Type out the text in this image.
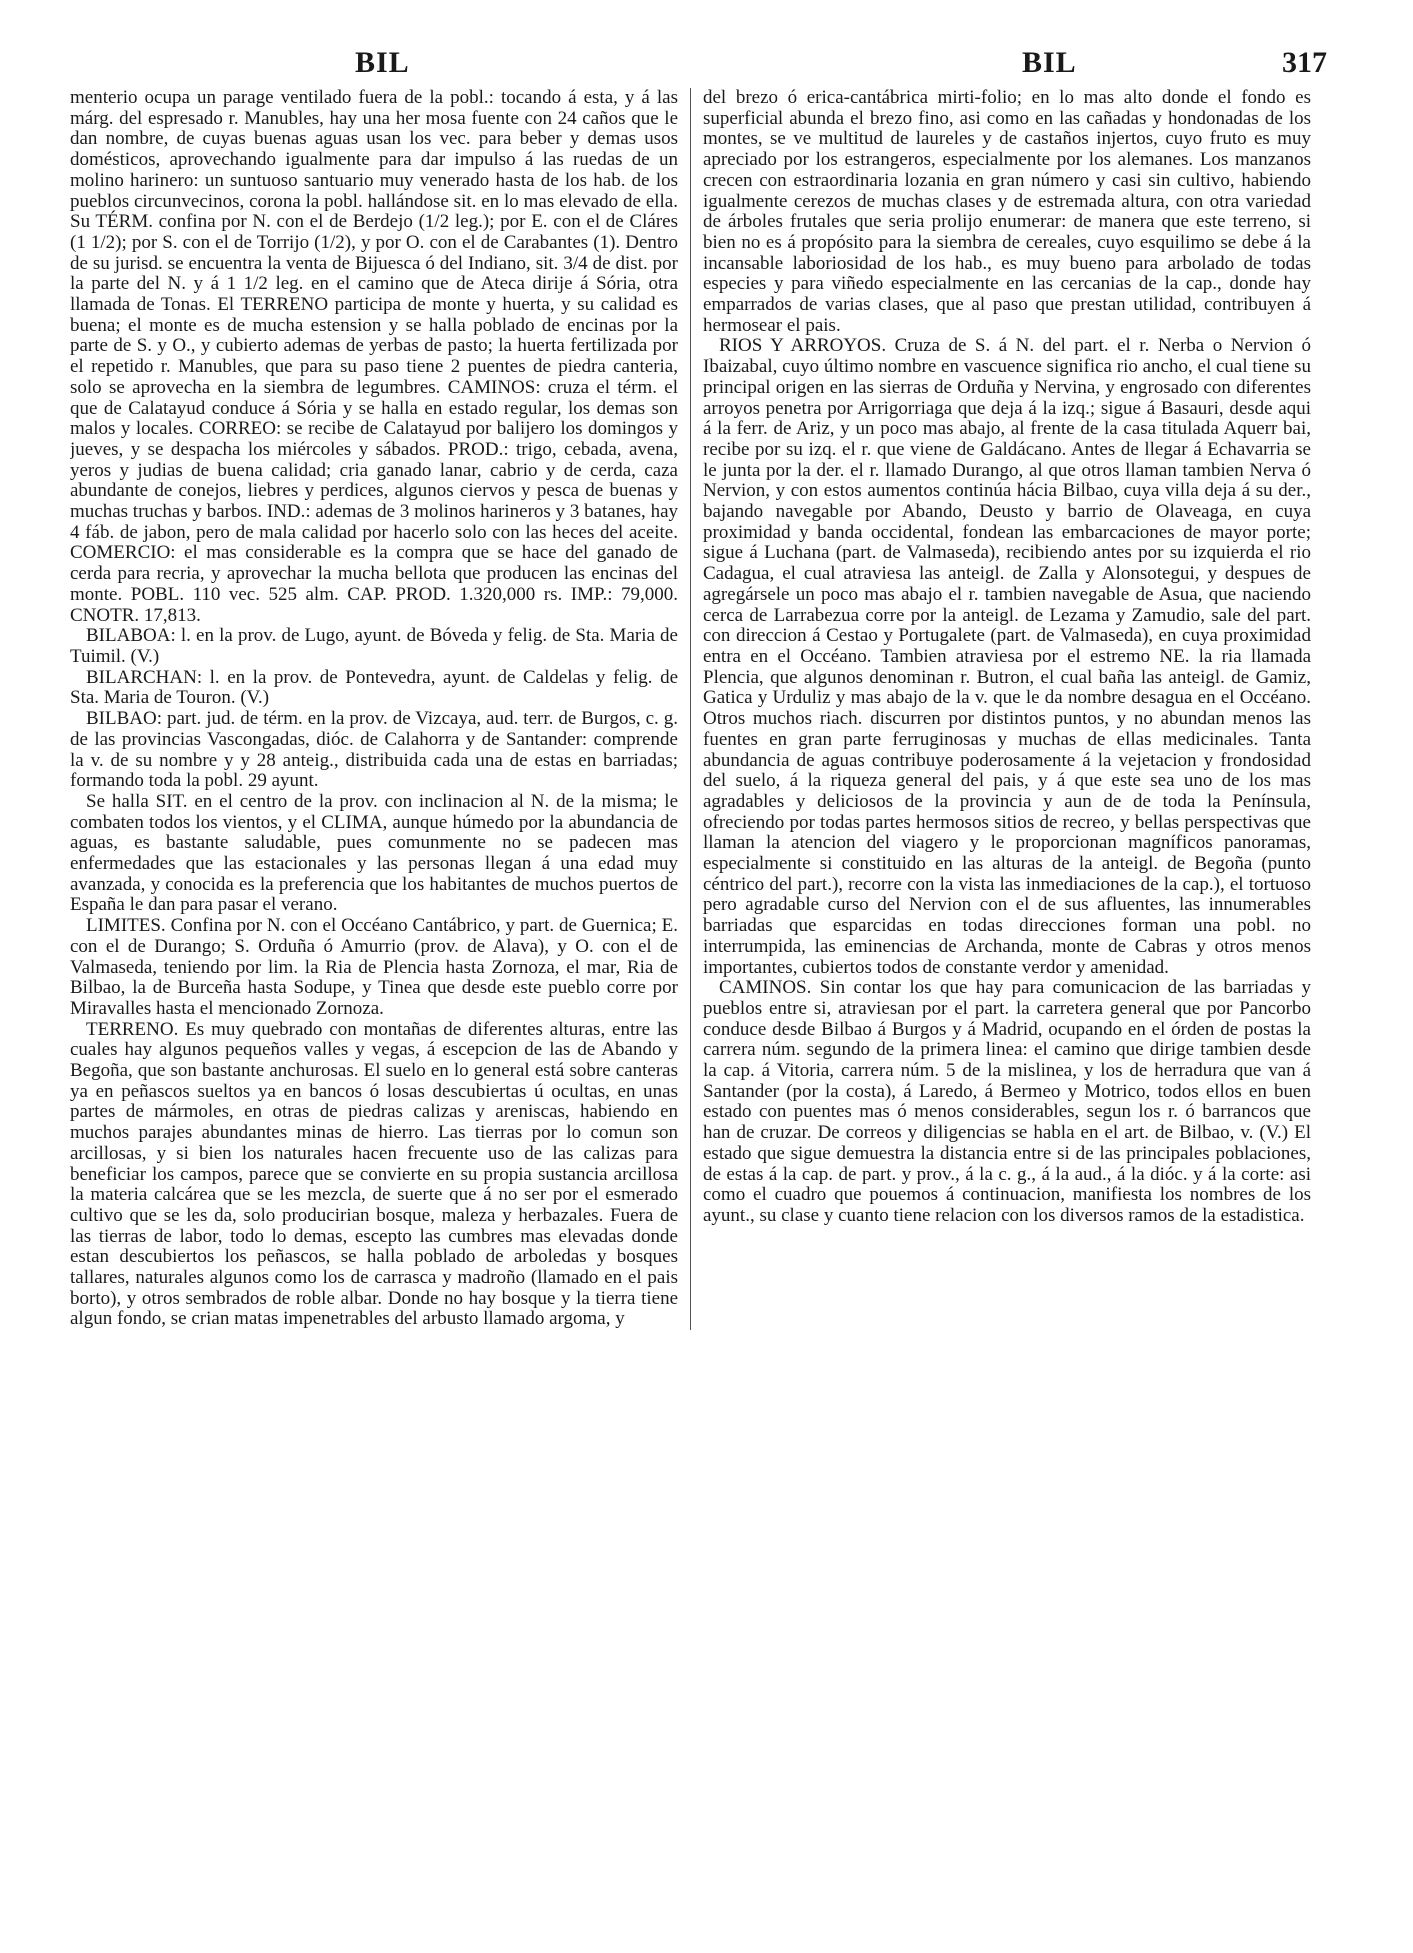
BIL	BIL	317

menterio ocupa un parage ventilado fuera de la pobl.: tocando á esta, y á las márg. del espresado r. Manubles, hay una her mosa fuente con 24 caños que le dan nombre, de cuyas buenas aguas usan los vec. para beber y demas usos domésticos, aprovechando igualmente para dar impulso á las ruedas de un molino harinero: un suntuoso santuario muy venerado hasta de los hab. de los pueblos circunvecinos, corona la pobl. hallándose sit. en lo mas elevado de ella. Su TÉRM. confina por N. con el de Berdejo (1/2 leg.); por E. con el de Cláres (1 1/2); por S. con el de Torrijo (1/2), y por O. con el de Carabantes (1). Dentro de su jurisd. se encuentra la venta de Bijuesca ó del Indiano, sit. 3/4 de dist. por la parte del N. y á 1 1/2 leg. en el camino que de Ateca dirije á Sória, otra llamada de Tonas. El TERRENO participa de monte y huerta, y su calidad es buena; el monte es de mucha estension y se halla poblado de encinas por la parte de S. y O., y cubierto ademas de yerbas de pasto; la huerta fertilizada por el repetido r. Manubles, que para su paso tiene 2 puentes de piedra canteria, solo se aprovecha en la siembra de legumbres. CAMINOS: cruza el térm. el que de Calatayud conduce á Sória y se halla en estado regular, los demas son malos y locales. CORREO: se recibe de Calatayud por balijero los domingos y jueves, y se despacha los miércoles y sábados. PROD.: trigo, cebada, avena, yeros y judias de buena calidad; cria ganado lanar, cabrio y de cerda, caza abundante de conejos, liebres y perdices, algunos ciervos y pesca de buenas y muchas truchas y barbos. IND.: ademas de 3 molinos harineros y 3 batanes, hay 4 fáb. de jabon, pero de mala calidad por hacerlo solo con las heces del aceite. COMERCIO: el mas considerable es la compra que se hace del ganado de cerda para recria, y aprovechar la mucha bellota que producen las encinas del monte. POBL. 110 vec. 525 alm. CAP. PROD. 1.320,000 rs. IMP.: 79,000. CNOTR. 17,813.

BILABOA: l. en la prov. de Lugo, ayunt. de Bóveda y felig. de Sta. Maria de Tuimil. (V.)

BILARCHAN: l. en la prov. de Pontevedra, ayunt. de Caldelas y felig. de Sta. Maria de Touron. (V.)

BILBAO: part. jud. de térm. en la prov. de Vizcaya, aud. terr. de Burgos, c. g. de las provincias Vascongadas, dióc. de Calahorra y de Santander: comprende la v. de su nombre y y 28 anteig., distribuida cada una de estas en barriadas; formando toda la pobl. 29 ayunt.

Se halla SIT. en el centro de la prov. con inclinacion al N. de la misma; le combaten todos los vientos, y el CLIMA, aunque húmedo por la abundancia de aguas, es bastante saludable, pues comunmente no se padecen mas enfermedades que las estacionales y las personas llegan á una edad muy avanzada, y conocida es la preferencia que los habitantes de muchos puertos de España le dan para pasar el verano.

LIMITES. Confina por N. con el Occéano Cantábrico, y part. de Guernica; E. con el de Durango; S. Orduña ó Amurrio (prov. de Alava), y O. con el de Valmaseda, teniendo por lim. la Ria de Plencia hasta Zornoza, el mar, Ria de Bilbao, la de Burceña hasta Sodupe, y Tinea que desde este pueblo corre por Miravalles hasta el mencionado Zornoza.

TERRENO. Es muy quebrado con montañas de diferentes alturas, entre las cuales hay algunos pequeños valles y vegas, á escepcion de las de Abando y Begoña, que son bastante anchurosas. El suelo en lo general está sobre canteras ya en peñascos sueltos ya en bancos ó losas descubiertas ú ocultas, en unas partes de mármoles, en otras de piedras calizas y areniscas, habiendo en muchos parajes abundantes minas de hierro. Las tierras por lo comun son arcillosas, y si bien los naturales hacen frecuente uso de las calizas para beneficiar los campos, parece que se convierte en su propia sustancia arcillosa la materia calcárea que se les mezcla, de suerte que á no ser por el esmerado cultivo que se les da, solo producirian bosque, maleza y herbazales. Fuera de las tierras de labor, todo lo demas, escepto las cumbres mas elevadas donde estan descubiertos los peñascos, se halla poblado de arboledas y bosques tallares, naturales algunos como los de carrasca y madroño (llamado en el pais borto), y otros sembrados de roble albar. Donde no hay bosque y la tierra tiene algun fondo, se crian matas impenetrables del arbusto llamado argoma, y

del brezo ó erica-cantábrica mirti-folio; en lo mas alto donde el fondo es superficial abunda el brezo fino, asi como en las cañadas y hondonadas de los montes, se ve multitud de laureles y de castaños injertos, cuyo fruto es muy apreciado por los estrangeros, especialmente por los alemanes. Los manzanos crecen con estraordinaria lozania en gran número y casi sin cultivo, habiendo igualmente cerezos de muchas clases y de estremada altura, con otra variedad de árboles frutales que seria prolijo enumerar: de manera que este terreno, si bien no es á propósito para la siembra de cereales, cuyo esquilimo se debe á la incansable laboriosidad de los hab., es muy bueno para arbolado de todas especies y para viñedo especialmente en las cercanias de la cap., donde hay emparrados de varias clases, que al paso que prestan utilidad, contribuyen á hermosear el pais.

RIOS Y ARROYOS. Cruza de S. á N. del part. el r. Nerba o Nervion ó Ibaizabal, cuyo último nombre en vascuence significa rio ancho, el cual tiene su principal origen en las sierras de Orduña y Nervina, y engrosado con diferentes arroyos penetra por Arrigorriaga que deja á la izq.; sigue á Basauri, desde aqui á la ferr. de Ariz, y un poco mas abajo, al frente de la casa titulada Aquerr bai, recibe por su izq. el r. que viene de Galdácano. Antes de llegar á Echavarria se le junta por la der. el r. llamado Durango, al que otros llaman tambien Nerva ó Nervion, y con estos aumentos continúa hácia Bilbao, cuya villa deja á su der., bajando navegable por Abando, Deusto y barrio de Olaveaga, en cuya proximidad y banda occidental, fondean las embarcaciones de mayor porte; sigue á Luchana (part. de Valmaseda), recibiendo antes por su izquierda el rio Cadagua, el cual atraviesa las anteigl. de Zalla y Alonsotegui, y despues de agregársele un poco mas abajo el r. tambien navegable de Asua, que naciendo cerca de Larrabezua corre por la anteigl. de Lezama y Zamudio, sale del part. con direccion á Cestao y Portugalete (part. de Valmaseda), en cuya proximidad entra en el Occéano. Tambien atraviesa por el estremo NE. la ria llamada Plencia, que algunos denominan r. Butron, el cual baña las anteigl. de Gamiz, Gatica y Urduliz y mas abajo de la v. que le da nombre desagua en el Occéano. Otros muchos riach. discurren por distintos puntos, y no abundan menos las fuentes en gran parte ferruginosas y muchas de ellas medicinales. Tanta abundancia de aguas contribuye poderosamente á la vejetacion y frondosidad del suelo, á la riqueza general del pais, y á que este sea uno de los mas agradables y deliciosos de la provincia y aun de de toda la Península, ofreciendo por todas partes hermosos sitios de recreo, y bellas perspectivas que llaman la atencion del viagero y le proporcionan magníficos panoramas, especialmente si constituido en las alturas de la anteigl. de Begoña (punto céntrico del part.), recorre con la vista las inmediaciones de la cap.), el tortuoso pero agradable curso del Nervion con el de sus afluentes, las innumerables barriadas que esparcidas en todas direcciones forman una pobl. no interrumpida, las eminencias de Archanda, monte de Cabras y otros menos importantes, cubiertos todos de constante verdor y amenidad.

CAMINOS. Sin contar los que hay para comunicacion de las barriadas y pueblos entre si, atraviesan por el part. la carretera general que por Pancorbo conduce desde Bilbao á Burgos y á Madrid, ocupando en el órden de postas la carrera núm. segundo de la primera linea: el camino que dirige tambien desde la cap. á Vitoria, carrera núm. 5 de la mislinea, y los de herradura que van á Santander (por la costa), á Laredo, á Bermeo y Motrico, todos ellos en buen estado con puentes mas ó menos considerables, segun los r. ó barrancos que han de cruzar. De correos y diligencias se habla en el art. de Bilbao, v. (V.) El estado que sigue demuestra la distancia entre si de las principales poblaciones, de estas á la cap. de part. y prov., á la c. g., á la aud., á la dióc. y á la corte: asi como el cuadro que pouemos á continuacion, manifiesta los nombres de los ayunt., su clase y cuanto tiene relacion con los diversos ramos de la estadistica.
